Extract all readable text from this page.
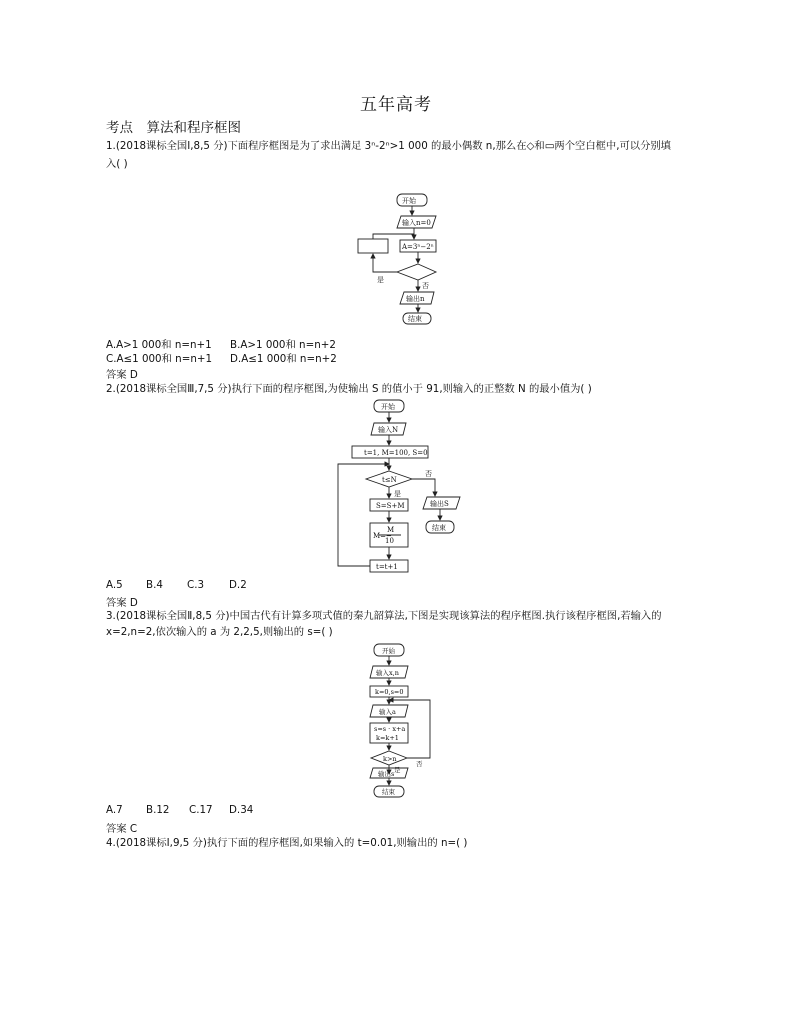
五年高考
考点　算法和程序框图
1.(2018课标全国Ⅰ,8,5 分)下面程序框图是为了求出满足 3ⁿ-2ⁿ>1 000 的最小偶数 n,那么在◇和▭两个空白框中,可以分别填
入( )
开始
输入n=0
A=3ⁿ−2ⁿ
是
否
输出n
结束
A.A>1 000和 n=n+1 B.A>1 000和 n=n+2
C.A≤1 000和 n=n+1 D.A≤1 000和 n=n+2
答案 D
2.(2018课标全国Ⅲ,7,5 分)执行下面的程序框图,为使输出 S 的值小于 91,则输入的正整数 N 的最小值为( )
开始
输入N
t=1, M=100, S=0
t≤N
是
否
S=S+M
M=−
M
10
t=t+1
输出S
结束
A.5 B.4 C.3 D.2
答案 D
3.(2018课标全国Ⅱ,8,5 分)中国古代有计算多项式值的秦九韶算法,下图是实现该算法的程序框图.执行该程序框图,若输入的
x=2,n=2,依次输入的 a 为 2,2,5,则输出的 s=( )
开始
输入x,n
k=0,s=0
输入a
s=s · x+a
k=k+1
k>n
是
否
输出s
结束
A.7 B.12 C.17 D.34
答案 C
4.(2018课标Ⅰ,9,5 分)执行下面的程序框图,如果输入的 t=0.01,则输出的 n=( )
